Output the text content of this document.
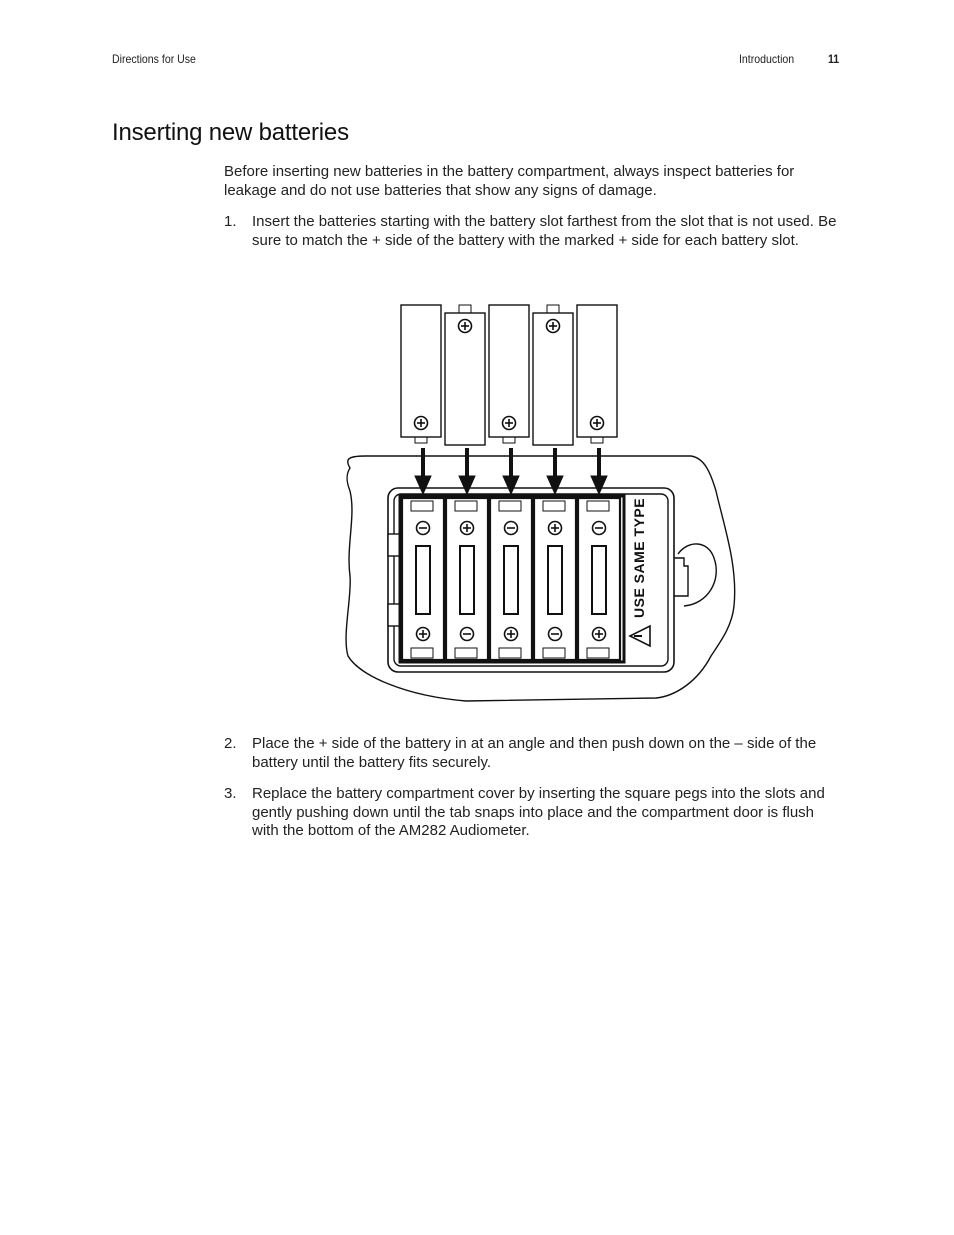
Directions for Use	Introduction	11
Inserting new batteries

Before inserting new batteries in the battery compartment, always inspect batteries for leakage and do not use batteries that show any signs of damage.

1. Insert the batteries starting with the battery slot farthest from the slot that is not used. Be sure to match the + side of the battery with the marked + side for each battery slot.
USE SAME TYPE
2. Place the + side of the battery in at an angle and then push down on the – side of the battery until the battery fits securely.
3. Replace the battery compartment cover by inserting the square pegs into the slots and gently pushing down until the tab snaps into place and the compartment door is flush with the bottom of the AM282 Audiometer.
